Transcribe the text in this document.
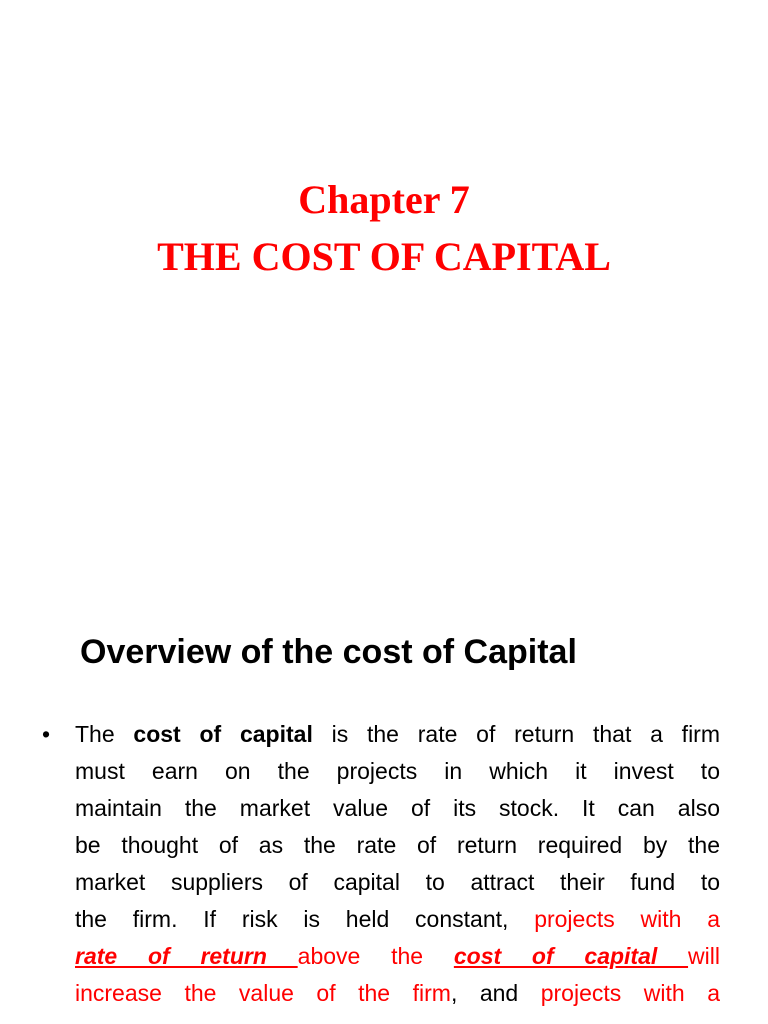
Chapter 7
THE COST OF CAPITAL
Overview of the cost of Capital
• The cost of capital is the rate of return that a firm
must earn on the projects in which it invest to
maintain the market value of its stock. It can also
be thought of as the rate of return required by the
market suppliers of capital to attract their fund to
the firm. If risk is held constant, projects with a
rate of return above the cost of capital will
increase the value of the firm, and projects with a
